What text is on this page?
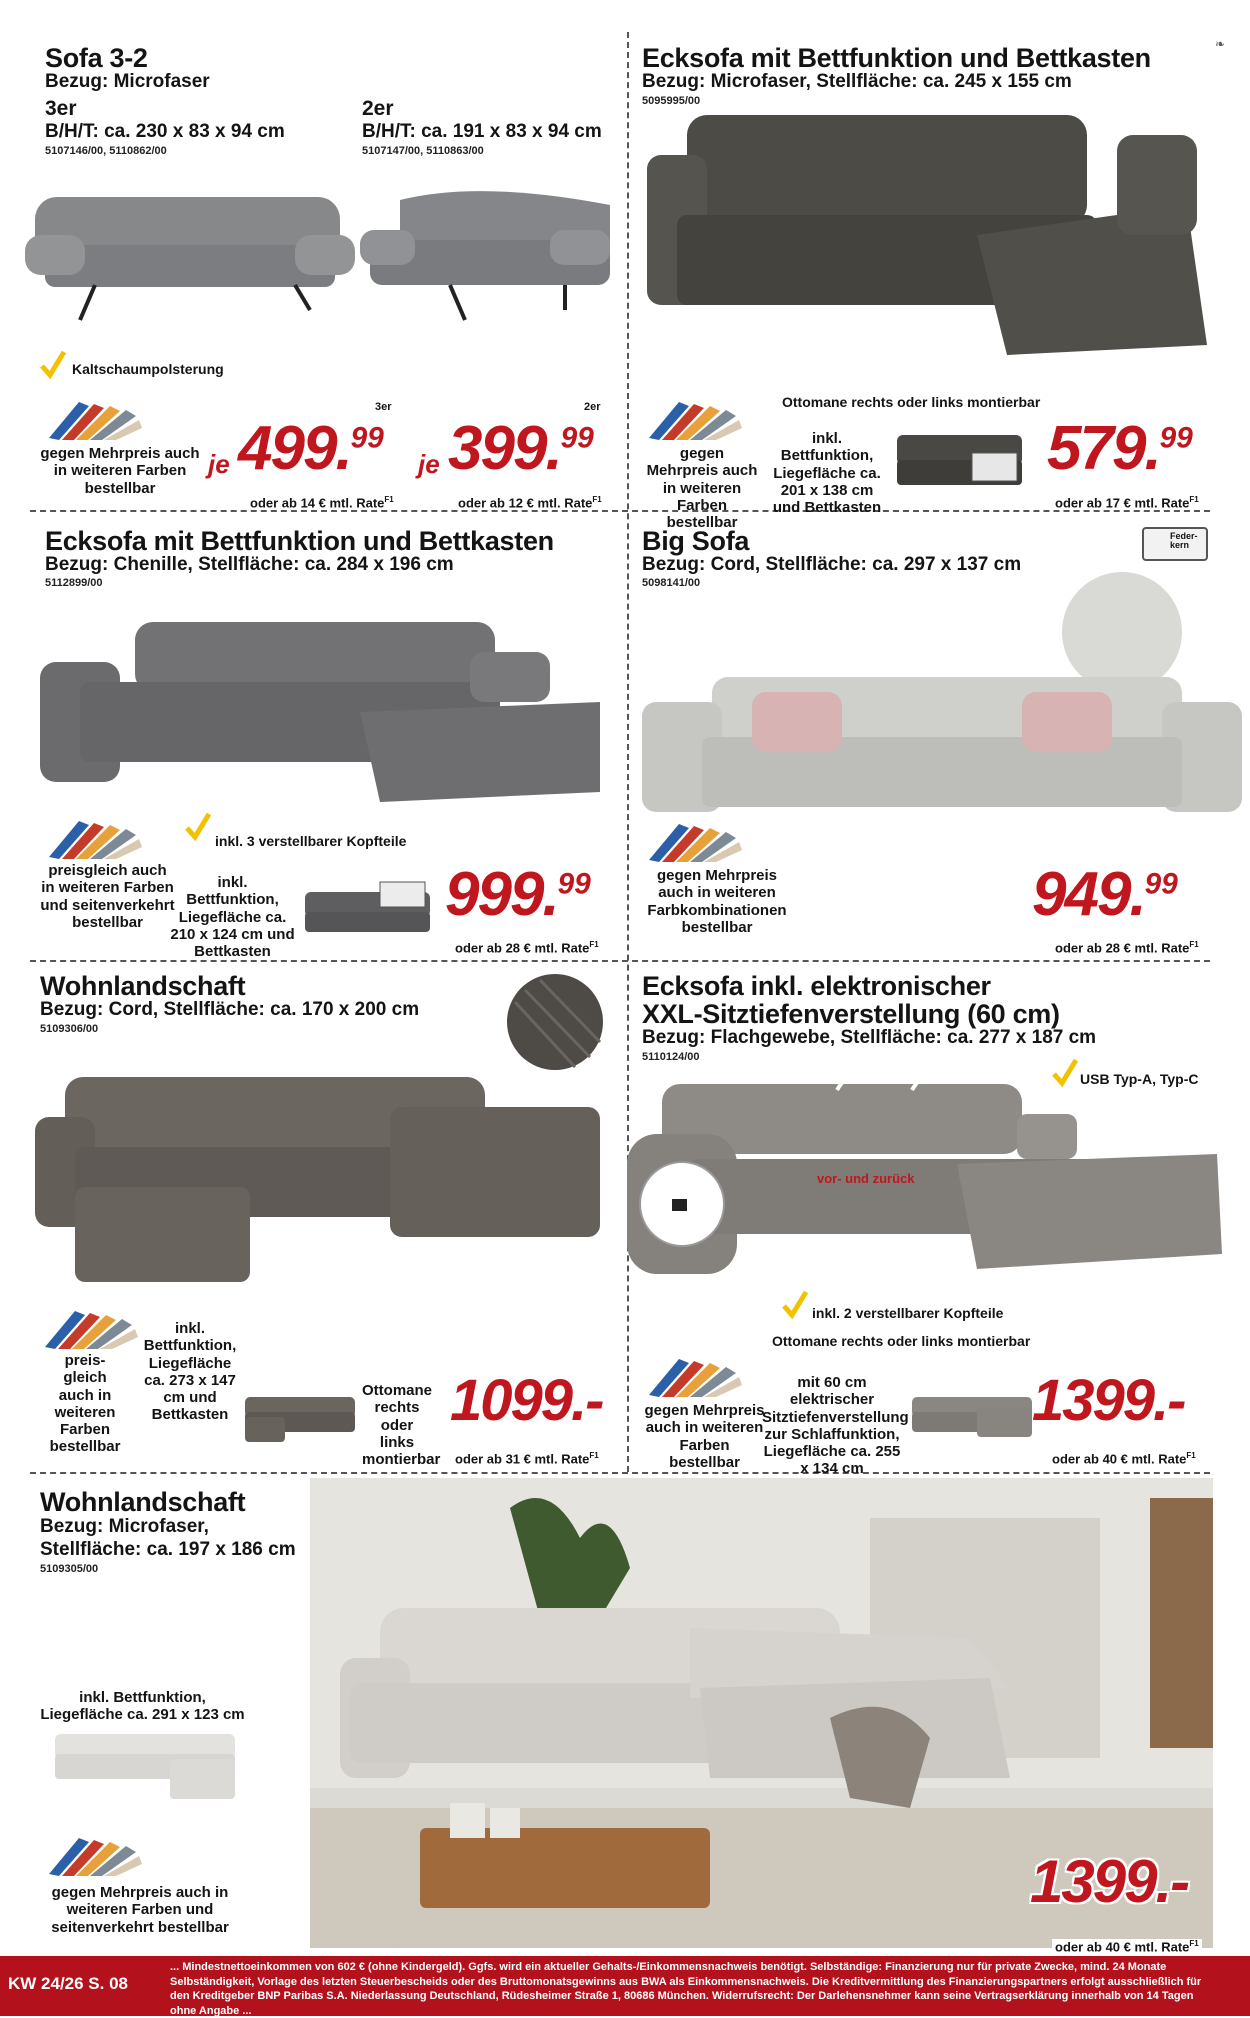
❧
Sofa 3-2

Bezug: Microfaser

3er

B/H/T: ca. 230 x 83 x 94 cm

5107146/00, 5110862/00

2er

B/H/T: ca. 191 x 83 x 94 cm

5107147/00, 5110863/00

Kaltschaumpolsterung

gegen Mehrpreis auch in weiteren Farben bestellbar

je
3er
499.99

oder ab 14 € mtl. Rate$^{F1}$

je
2er
399.99

oder ab 12 € mtl. Rate$^{F1}$

Ecksofa mit Bettfunktion und Bettkasten

Bezug: Microfaser, Stellfläche: ca. 245 x 155 cm

5095995/00

Ottomane rechts oder links montierbar

gegen Mehrpreis auch in weiteren Farben bestellbar

inkl. Bettfunktion, Liegefläche ca. 201 x 138 cm und Bettkasten

579.99

oder ab 17 € mtl. Rate$^{F1}$

Ecksofa mit Bettfunktion und Bettkasten

Bezug: Chenille, Stellfläche: ca. 284 x 196 cm

5112899/00

inkl. 3 verstellbarer Kopfteile

preisgleich auch in weiteren Farben und seitenverkehrt bestellbar

inkl. Bettfunktion, Liegefläche ca. 210 x 124 cm und Bettkasten

999.99

oder ab 28 € mtl. Rate$^{F1}$

Big Sofa

Bezug: Cord, Stellfläche: ca. 297 x 137 cm

5098141/00

Feder-kern

gegen Mehrpreis auch in weiteren Farbkombinationen bestellbar	949.99

oder ab 28 € mtl. Rate$^{F1}$

Wohnlandschaft

Bezug: Cord, Stellfläche: ca. 170 x 200 cm

5109306/00

preis-gleich auch in weiteren Farben bestellbar

inkl. Bettfunktion, Liegefläche ca. 273 x 147 cm und Bettkasten

Ottomane rechts oder links montierbar

1099.-

oder ab 31 € mtl. Rate$^{F1}$

Ecksofa inkl. elektronischer
XXL-Sitztiefenverstellung (60 cm)

Bezug: Flachgewebe, Stellfläche: ca. 277 x 187 cm

5110124/00

USB Typ-A, Typ-C

vor- und zurück

inkl. 2 verstellbarer Kopfteile

Ottomane rechts oder links montierbar

gegen Mehrpreis auch in weiteren Farben bestellbar

mit 60 cm elektrischer Sitztiefenverstellung zur Schlaffunktion, Liegefläche ca. 255 x 134 cm

1399.-

oder ab 40 € mtl. Rate$^{F1}$

Wohnlandschaft

Bezug: Microfaser, Stellfläche: ca. 197 x 186 cm

5109305/00

inkl. Bettfunktion, Liegefläche ca. 291 x 123 cm

gegen Mehrpreis auch in weiteren Farben und seitenverkehrt bestellbar

1399.-

oder ab 40 € mtl. Rate$^{F1}$

KW 24/26 S. 08

... Mindestnettoeinkommen von 602 € (ohne Kindergeld). Ggfs. wird ein aktueller Gehalts-/Einkommensnachweis benötigt. Selbständige: Finanzierung nur für private Zwecke, mind. 24 Monate Selbständigkeit, Vorlage des letzten Steuerbescheids oder des Bruttomonatsgewinns aus BWA als Einkommensnachweis. Die Kreditvermittlung des Finanzierungspartners erfolgt ausschließlich für den Kreditgeber BNP Paribas S.A. Niederlassung Deutschland, Rüdesheimer Straße 1, 80686 München. Widerrufsrecht: Der Darlehensnehmer kann seine Vertragserklärung innerhalb von 14 Tagen ohne Angabe ...
